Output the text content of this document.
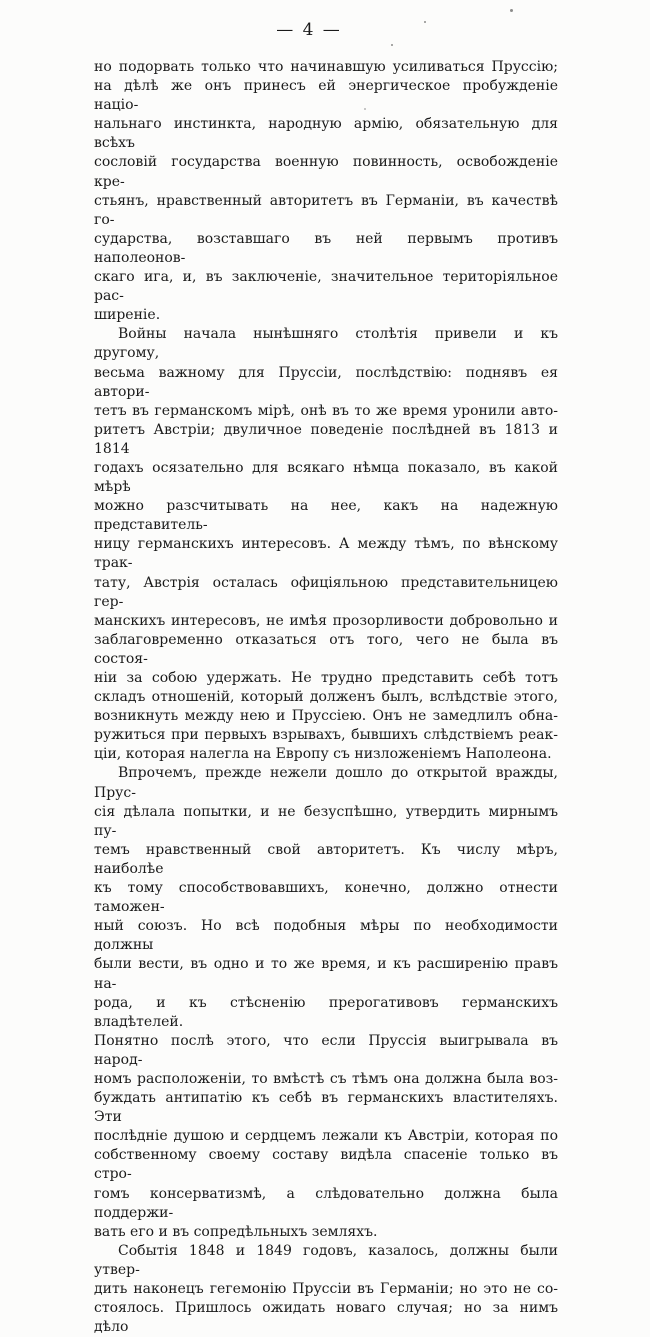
— 4 —
но подорвать только что начинавшую усиливаться Пруссію;
на дѣлѣ же онъ принесъ ей энергическое пробужденіе націо-
нальнаго инстинкта, народную армію, обязательную для всѣхъ
сословій государства военную повинность, освобожденіе кре-
стьянъ, нравственный авторитетъ въ Германіи, въ качествѣ го-
сударства, возставшаго въ ней первымъ противъ наполеонов-
скаго ига, и, въ заключеніе, значительное територіяльное рас-
ширеніе.
Войны начала нынѣшняго столѣтія привели и къ другому,
весьма важному для Пруссіи, послѣдствію: поднявъ ея автори-
тетъ въ германскомъ мірѣ, онѣ въ то же время уронили авто-
ритетъ Австріи; двуличное поведеніе послѣдней въ 1813 и 1814
годахъ осязательно для всякаго нѣмца показало, въ какой мѣрѣ
можно разсчитывать на нее, какъ на надежную представитель-
ницу германскихъ интересовъ. А между тѣмъ, по вѣнскому трак-
тату, Австрія осталась офиціяльною представительницею гер-
манскихъ интересовъ, не имѣя прозорливости добровольно и
заблаговременно отказаться отъ того, чего не была въ состоя-
ніи за собою удержать. Не трудно представить себѣ тотъ
складъ отношеній, который долженъ былъ, вслѣдствіе этого,
возникнуть между нею и Пруссіею. Онъ не замедлилъ обна-
ружиться при первыхъ взрывахъ, бывшихъ слѣдствіемъ реак-
ціи, которая налегла на Европу съ низложеніемъ Наполеона.
Впрочемъ, прежде нежели дошло до открытой вражды, Прус-
сія дѣлала попытки, и не безуспѣшно, утвердить мирнымъ пу-
темъ нравственный свой авторитетъ. Къ числу мѣръ, наиболѣе
къ тому способствовавшихъ, конечно, должно отнести таможен-
ный союзъ. Но всѣ подобныя мѣры по необходимости должны
были вести, въ одно и то же время, и къ расширенію правъ на-
рода, и къ стѣсненію прерогативовъ германскихъ владѣтелей.
Понятно послѣ этого, что если Пруссія выигрывала въ народ-
номъ расположеніи, то вмѣстѣ съ тѣмъ она должна была воз-
буждать антипатію къ себѣ въ германскихъ властителяхъ. Эти
послѣдніе душою и сердцемъ лежали къ Австріи, которая по
собственному своему составу видѣла спасеніе только въ стро-
гомъ консерватизмѣ, а слѣдовательно должна была поддержи-
вать его и въ сопредѣльныхъ земляхъ.
Событія 1848 и 1849 годовъ, казалось, должны были утвер-
дить наконецъ гегемонію Пруссіи въ Германіи; но это не со-
стоялось. Пришлось ожидать новаго случая; но за нимъ дѣло
